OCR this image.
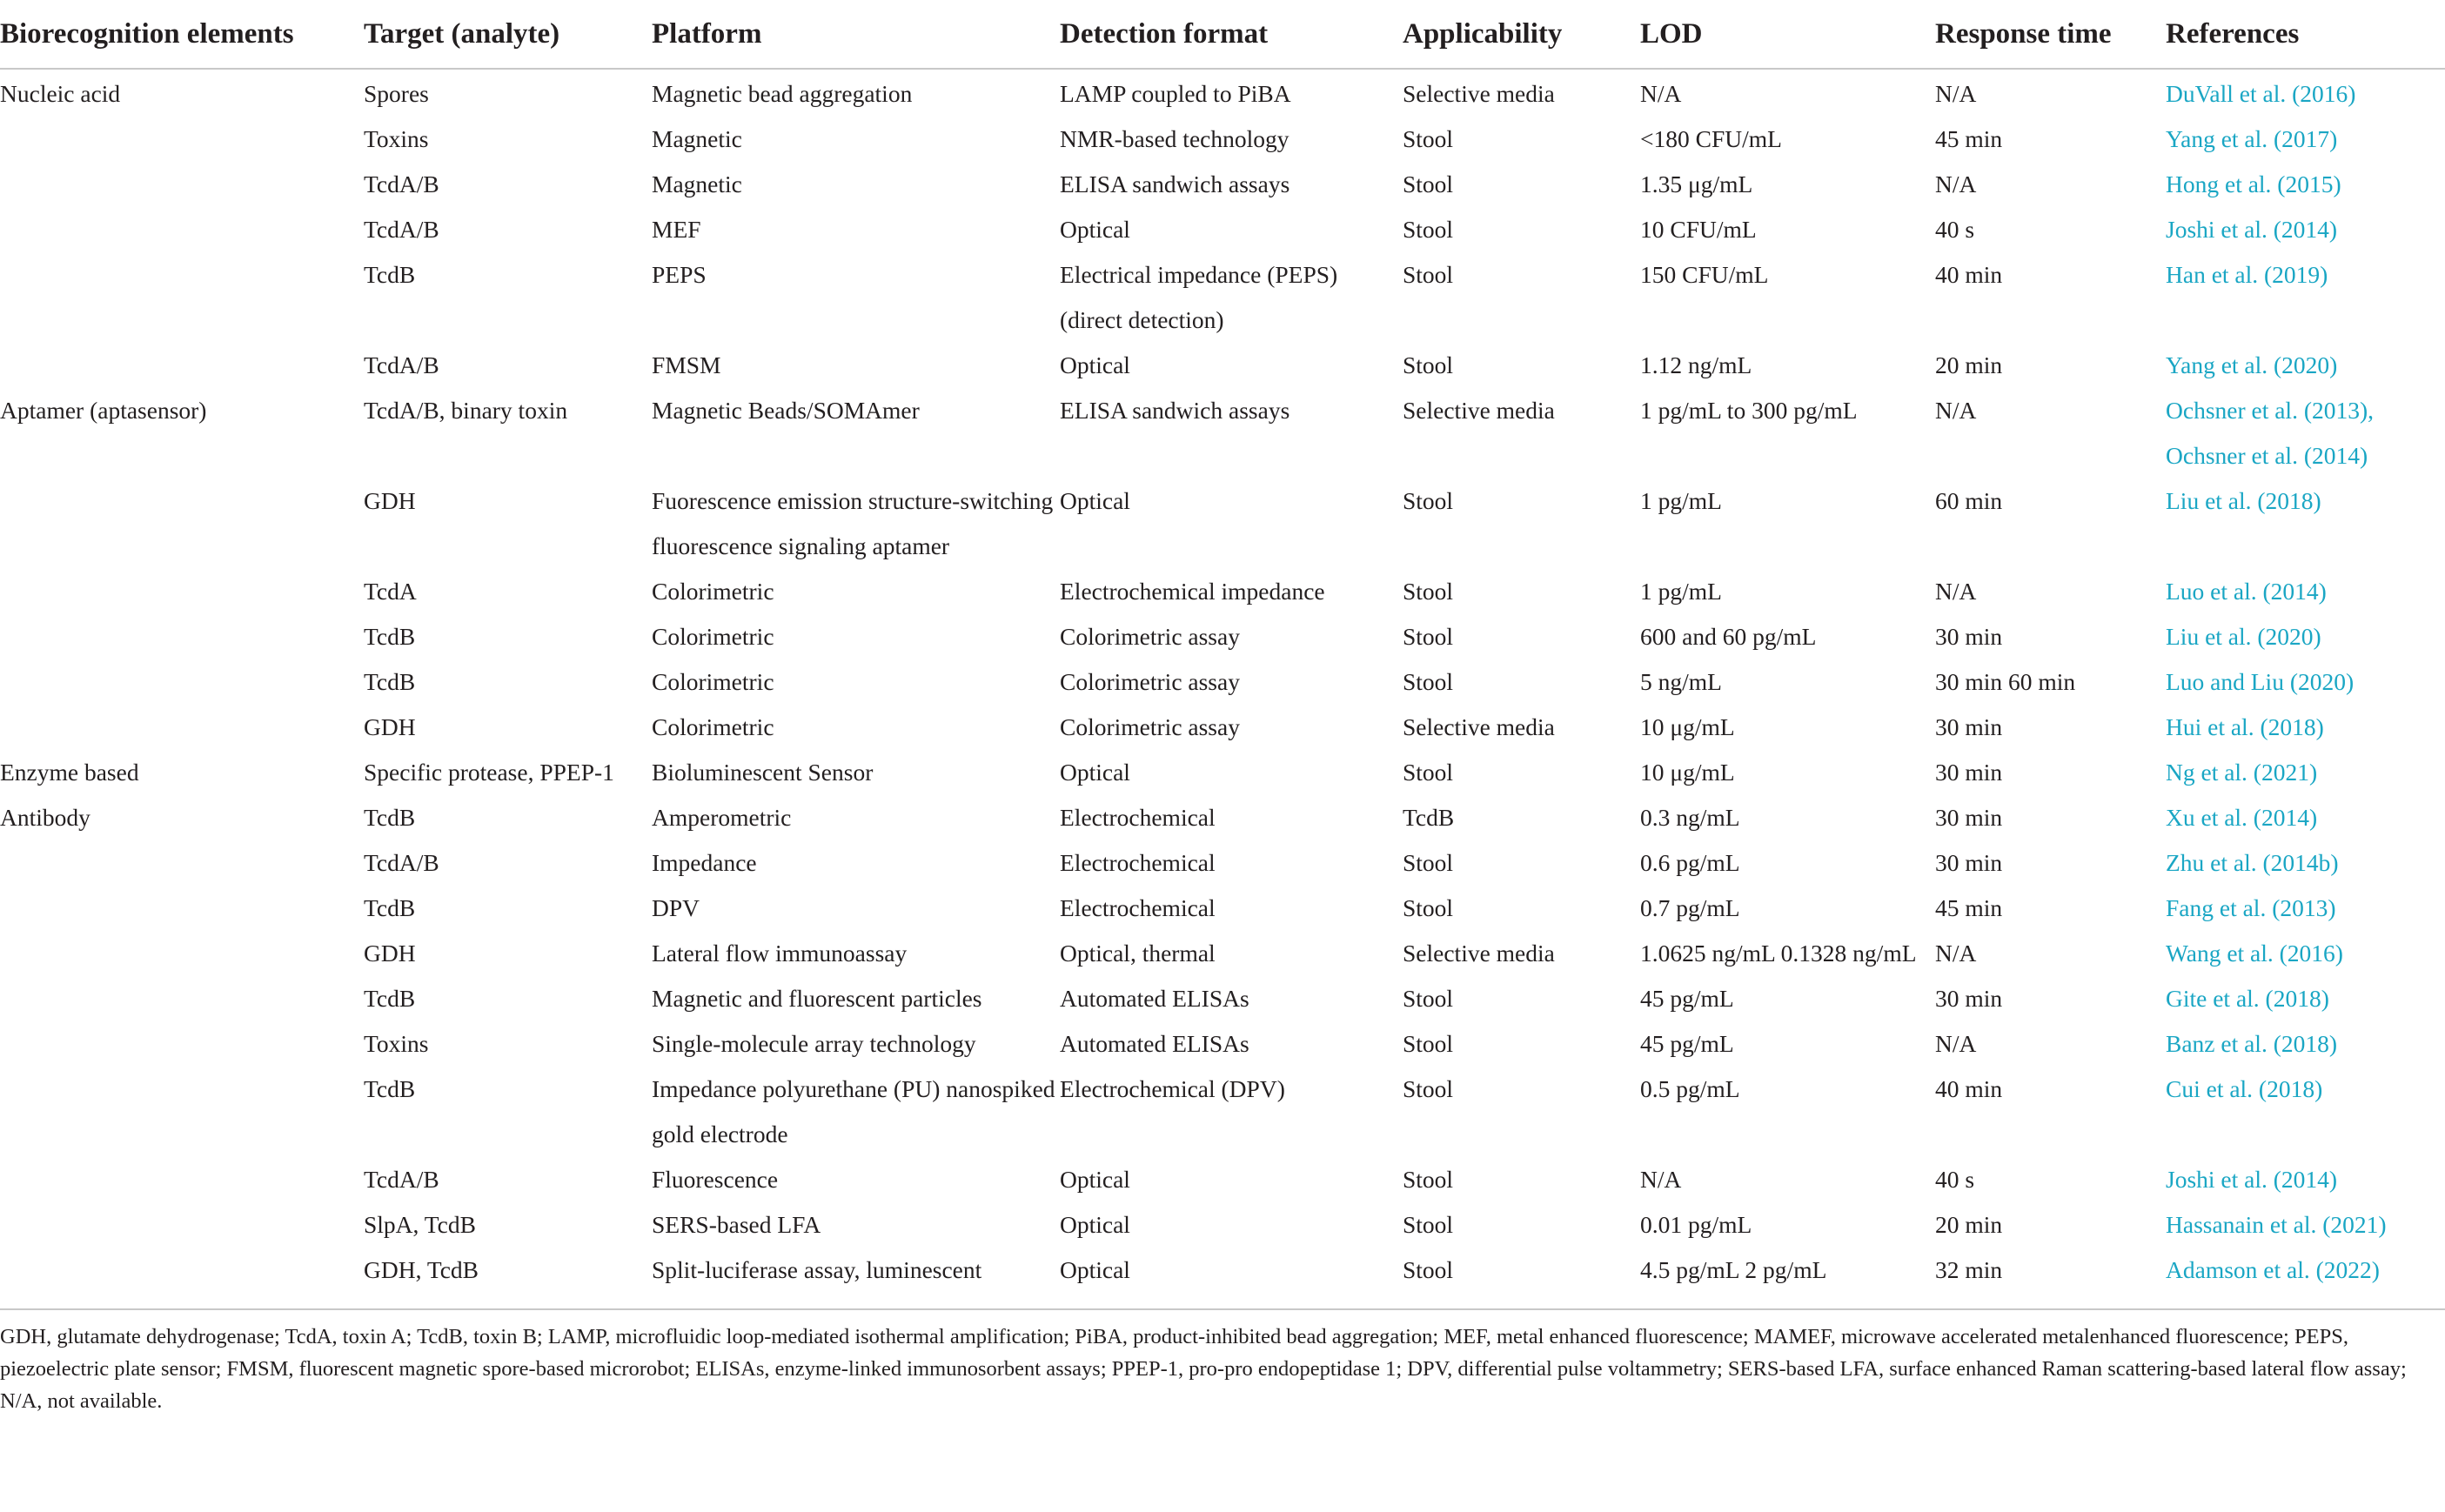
Biorecognition elements	Target (analyte)	Platform	Detection format	Applicability	LOD	Response time	References
Nucleic acid	Spores	Magnetic bead aggregation	LAMP coupled to PiBA	Selective media	N/A	N/A	DuVall et al. (2016)
	Toxins	Magnetic	NMR-based technology	Stool	<180 CFU/mL	45 min	Yang et al. (2017)
	TcdA/B	Magnetic	ELISA sandwich assays	Stool	1.35 μg/mL	N/A	Hong et al. (2015)
	TcdA/B	MEF	Optical	Stool	10 CFU/mL	40 s	Joshi et al. (2014)
	TcdB	PEPS	Electrical impedance (PEPS) (direct detection)	Stool	150 CFU/mL	40 min	Han et al. (2019)
	TcdA/B	FMSM	Optical	Stool	1.12 ng/mL	20 min	Yang et al. (2020)
Aptamer (aptasensor)	TcdA/B, binary toxin	Magnetic Beads/SOMAmer	ELISA sandwich assays	Selective media	1 pg/mL to 300 pg/mL	N/A	Ochsner et al. (2013), Ochsner et al. (2014)
	GDH	Fuorescence emission structure-switching fluorescence signaling aptamer	Optical	Stool	1 pg/mL	60 min	Liu et al. (2018)
	TcdA	Colorimetric	Electrochemical impedance	Stool	1 pg/mL	N/A	Luo et al. (2014)
	TcdB	Colorimetric	Colorimetric assay	Stool	600 and 60 pg/mL	30 min	Liu et al. (2020)
	TcdB	Colorimetric	Colorimetric assay	Stool	5 ng/mL	30 min 60 min	Luo and Liu (2020)
	GDH	Colorimetric	Colorimetric assay	Selective media	10 μg/mL	30 min	Hui et al. (2018)
Enzyme based	Specific protease, PPEP-1	Bioluminescent Sensor	Optical	Stool	10 μg/mL	30 min	Ng et al. (2021)
Antibody	TcdB	Amperometric	Electrochemical	TcdB	0.3 ng/mL	30 min	Xu et al. (2014)
	TcdA/B	Impedance	Electrochemical	Stool	0.6 pg/mL	30 min	Zhu et al. (2014b)
	TcdB	DPV	Electrochemical	Stool	0.7 pg/mL	45 min	Fang et al. (2013)
	GDH	Lateral flow immunoassay	Optical, thermal	Selective media	1.0625 ng/mL 0.1328 ng/mL	N/A	Wang et al. (2016)
	TcdB	Magnetic and fluorescent particles	Automated ELISAs	Stool	45 pg/mL	30 min	Gite et al. (2018)
	Toxins	Single-molecule array technology	Automated ELISAs	Stool	45 pg/mL	N/A	Banz et al. (2018)
	TcdB	Impedance polyurethane (PU) nanospiked gold electrode	Electrochemical (DPV)	Stool	0.5 pg/mL	40 min	Cui et al. (2018)
	TcdA/B	Fluorescence	Optical	Stool	N/A	40 s	Joshi et al. (2014)
	SlpA, TcdB	SERS-based LFA	Optical	Stool	0.01 pg/mL	20 min	Hassanain et al. (2021)
	GDH, TcdB	Split-luciferase assay, luminescent	Optical	Stool	4.5 pg/mL 2 pg/mL	32 min	Adamson et al. (2022)
GDH, glutamate dehydrogenase; TcdA, toxin A; TcdB, toxin B; LAMP, microfluidic loop-mediated isothermal amplification; PiBA, product-inhibited bead aggregation; MEF, metal enhanced fluorescence; MAMEF, microwave accelerated metalenhanced fluorescence; PEPS, piezoelectric plate sensor; FMSM, fluorescent magnetic spore-based microrobot; ELISAs, enzyme-linked immunosorbent assays; PPEP-1, pro-pro endopeptidase 1; DPV, differential pulse voltammetry; SERS-based LFA, surface enhanced Raman scattering-based lateral flow assay; N/A, not available.
